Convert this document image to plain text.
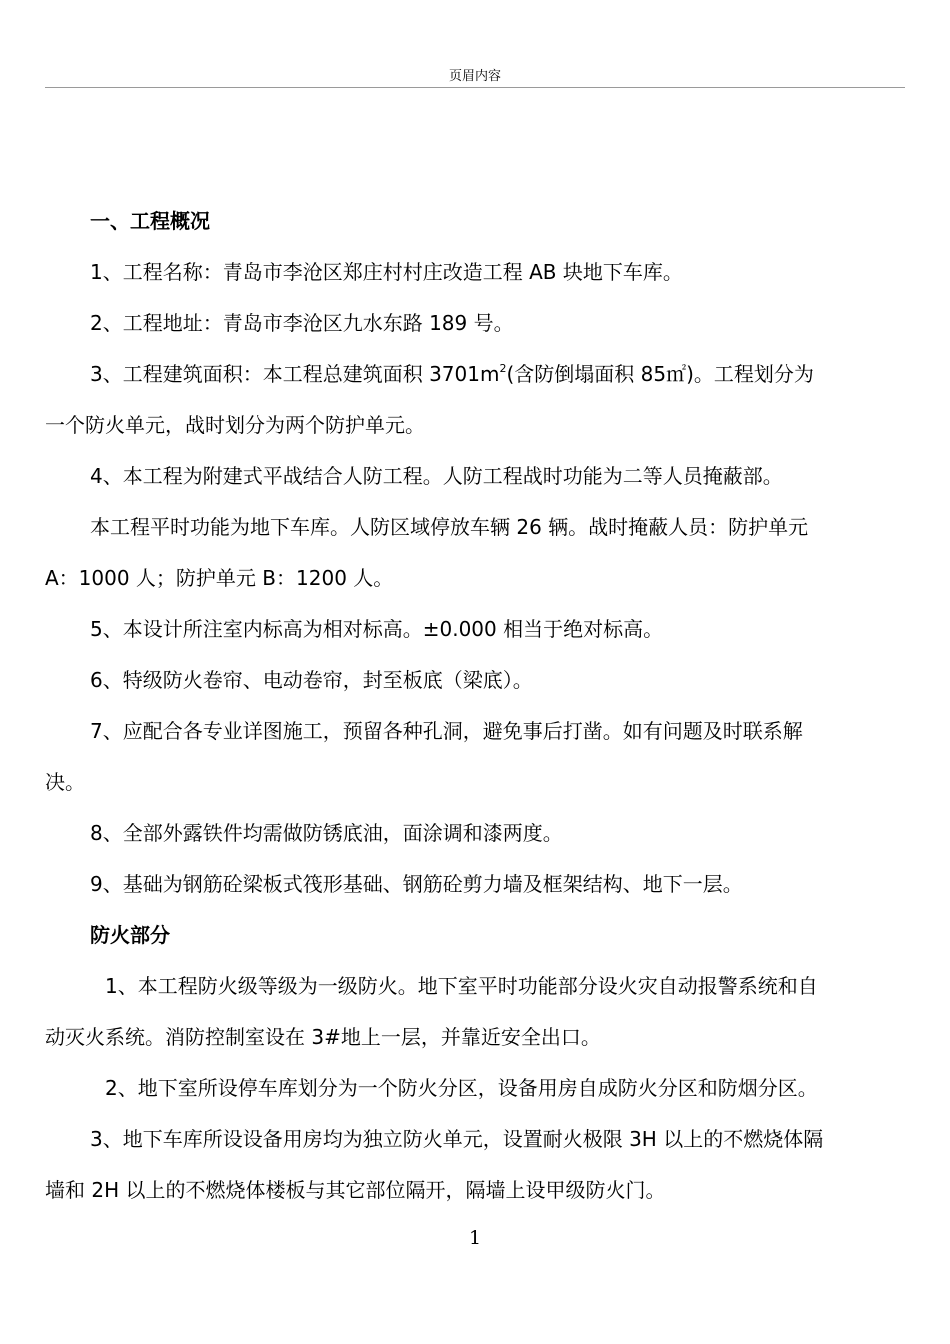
页眉内容
一、工程概况
1、工程名称：青岛市李沧区郑庄村村庄改造工程 AB 块地下车库。
2、工程地址：青岛市李沧区九水东路 189 号。
3、工程建筑面积：本工程总建筑面积 $3701m^2$(含防倒塌面积 85㎡)。工程划分为
一个防火单元，战时划分为两个防护单元。
4、本工程为附建式平战结合人防工程。人防工程战时功能为二等人员掩蔽部。
本工程平时功能为地下车库。人防区域停放车辆 26 辆。战时掩蔽人员：防护单元
A：1000 人；防护单元 B：1200 人。
5、本设计所注室内标高为相对标高。±0.000 相当于绝对标高。
6、特级防火卷帘、电动卷帘，封至板底（梁底）。
7、应配合各专业详图施工，预留各种孔洞，避免事后打凿。如有问题及时联系解
决。
8、全部外露铁件均需做防锈底油，面涂调和漆两度。
9、基础为钢筋砼梁板式筏形基础、钢筋砼剪力墙及框架结构、地下一层。
防火部分
1、本工程防火级等级为一级防火。地下室平时功能部分设火灾自动报警系统和自
动灭火系统。消防控制室设在 3#地上一层，并靠近安全出口。
2、地下室所设停车库划分为一个防火分区，设备用房自成防火分区和防烟分区。
3、地下车库所设设备用房均为独立防火单元，设置耐火极限 3H 以上的不燃烧体隔
墙和 2H 以上的不燃烧体楼板与其它部位隔开，隔墙上设甲级防火门。
1
